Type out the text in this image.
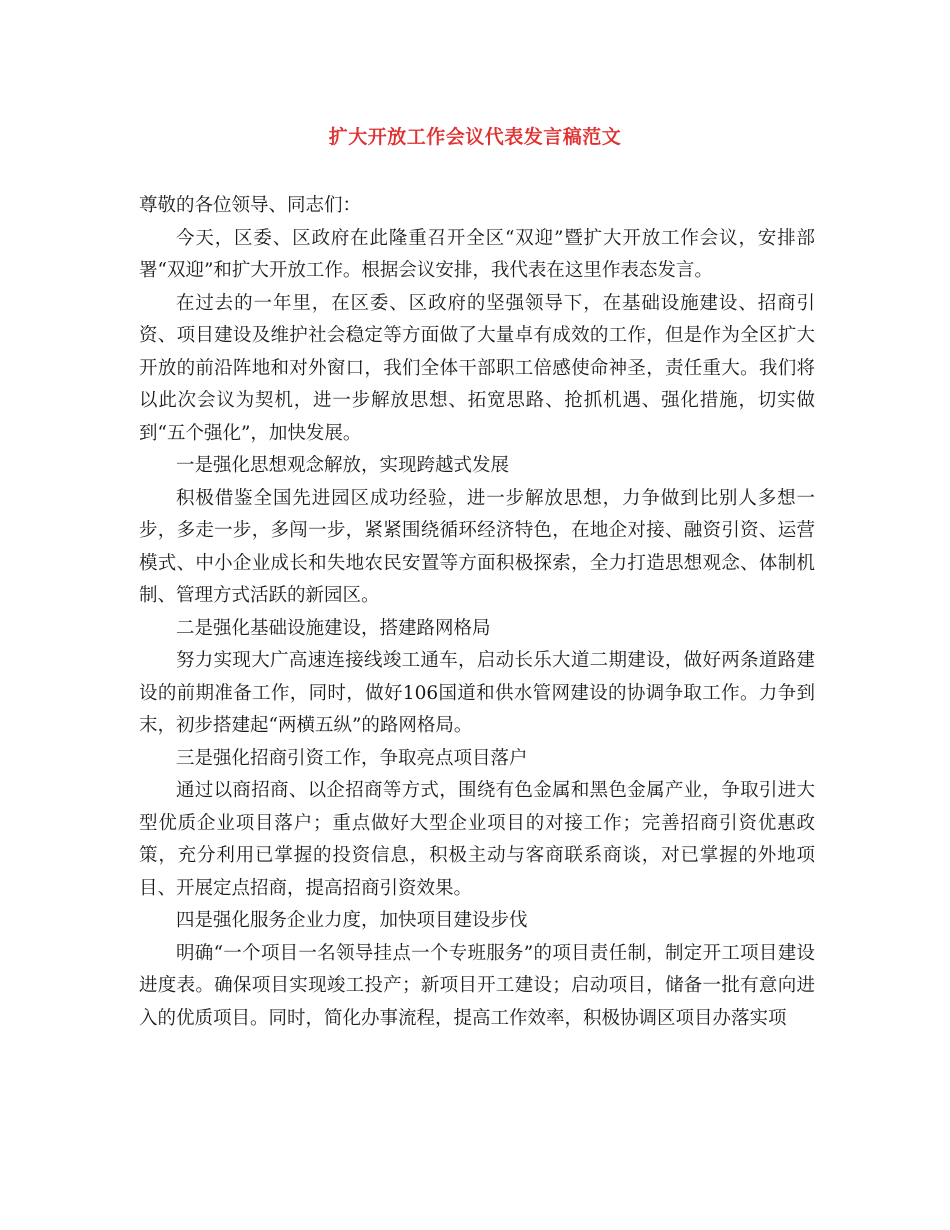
扩大开放工作会议代表发言稿范文

尊敬的各位领导、同志们：

今天，区委、区政府在此隆重召开全区“双迎”暨扩大开放工作会议，安排部署“双迎”和扩大开放工作。根据会议安排，我代表在这里作表态发言。

在过去的一年里，在区委、区政府的坚强领导下，在基础设施建设、招商引资、项目建设及维护社会稳定等方面做了大量卓有成效的工作，但是作为全区扩大开放的前沿阵地和对外窗口，我们全体干部职工倍感使命神圣，责任重大。我们将以此次会议为契机，进一步解放思想、拓宽思路、抢抓机遇、强化措施，切实做到“五个强化”，加快发展。

一是强化思想观念解放，实现跨越式发展

积极借鉴全国先进园区成功经验，进一步解放思想，力争做到比别人多想一步，多走一步，多闯一步，紧紧围绕循环经济特色，在地企对接、融资引资、运营模式、中小企业成长和失地农民安置等方面积极探索，全力打造思想观念、体制机制、管理方式活跃的新园区。

二是强化基础设施建设，搭建路网格局

努力实现大广高速连接线竣工通车，启动长乐大道二期建设，做好两条道路建设的前期准备工作，同时，做好106国道和供水管网建设的协调争取工作。力争到末，初步搭建起“两横五纵”的路网格局。

三是强化招商引资工作，争取亮点项目落户

通过以商招商、以企招商等方式，围绕有色金属和黑色金属产业，争取引进大型优质企业项目落户；重点做好大型企业项目的对接工作；完善招商引资优惠政策，充分利用已掌握的投资信息，积极主动与客商联系商谈，对已掌握的外地项目、开展定点招商，提高招商引资效果。

四是强化服务企业力度，加快项目建设步伐

明确“一个项目一名领导挂点一个专班服务”的项目责任制，制定开工项目建设进度表。确保项目实现竣工投产；新项目开工建设；启动项目，储备一批有意向进入的优质项目。同时，简化办事流程，提高工作效率，积极协调区项目办落实项
